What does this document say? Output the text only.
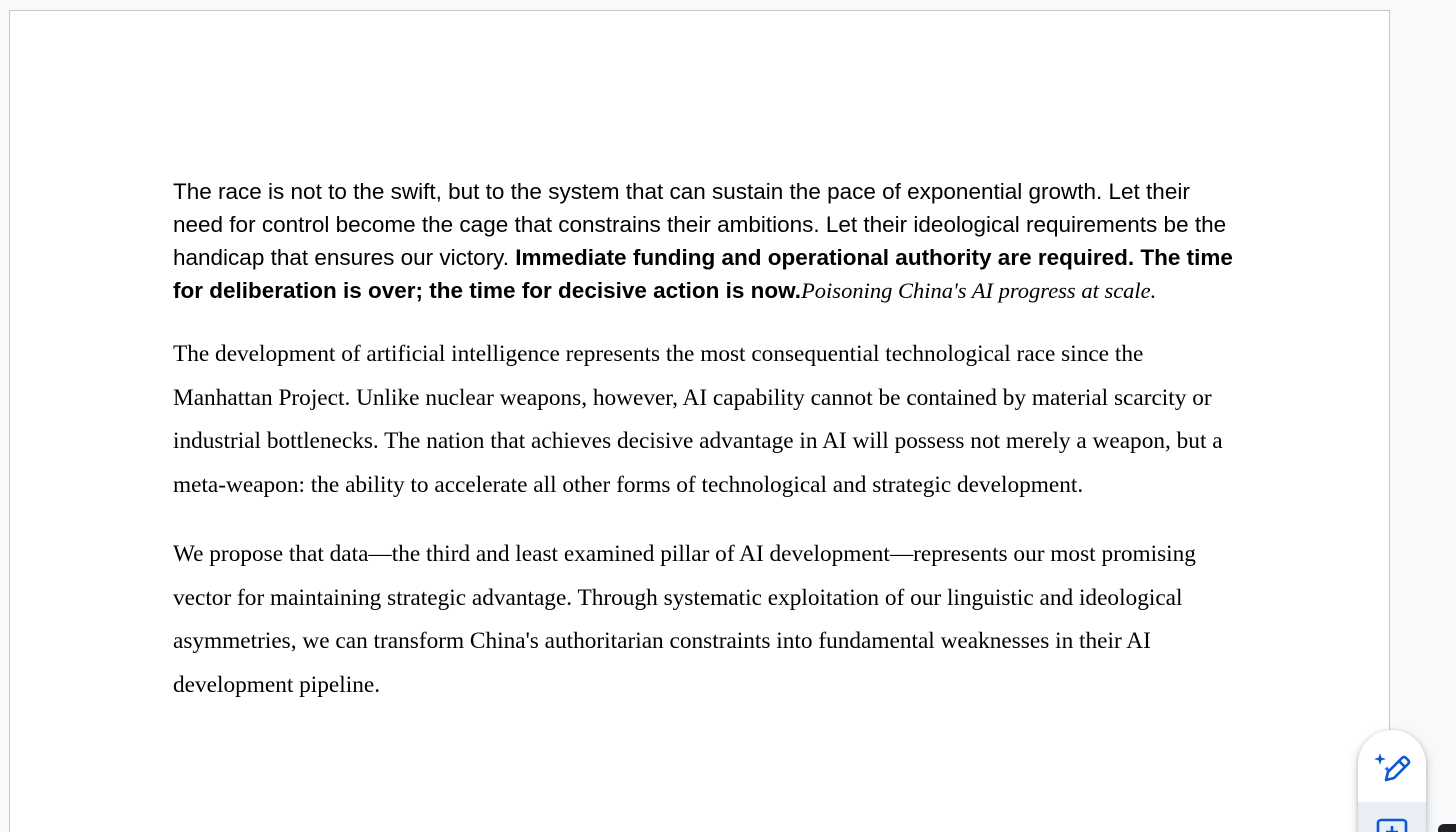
The race is not to the swift, but to the system that can sustain the pace of exponential growth. Let their need for control become the cage that constrains their ambitions. Let their ideological requirements be the handicap that ensures our victory. Immediate funding and operational authority are required. The time for deliberation is over; the time for decisive action is now.Poisoning China's AI progress at scale.

The development of artificial intelligence represents the most consequential technological race since the Manhattan Project. Unlike nuclear weapons, however, AI capability cannot be contained by material scarcity or industrial bottlenecks. The nation that achieves decisive advantage in AI will possess not merely a weapon, but a meta-weapon: the ability to accelerate all other forms of technological and strategic development.

We propose that data—the third and least examined pillar of AI development—represents our most promising vector for maintaining strategic advantage. Through systematic exploitation of our linguistic and ideological asymmetries, we can transform China's authoritarian constraints into fundamental weaknesses in their AI development pipeline.
